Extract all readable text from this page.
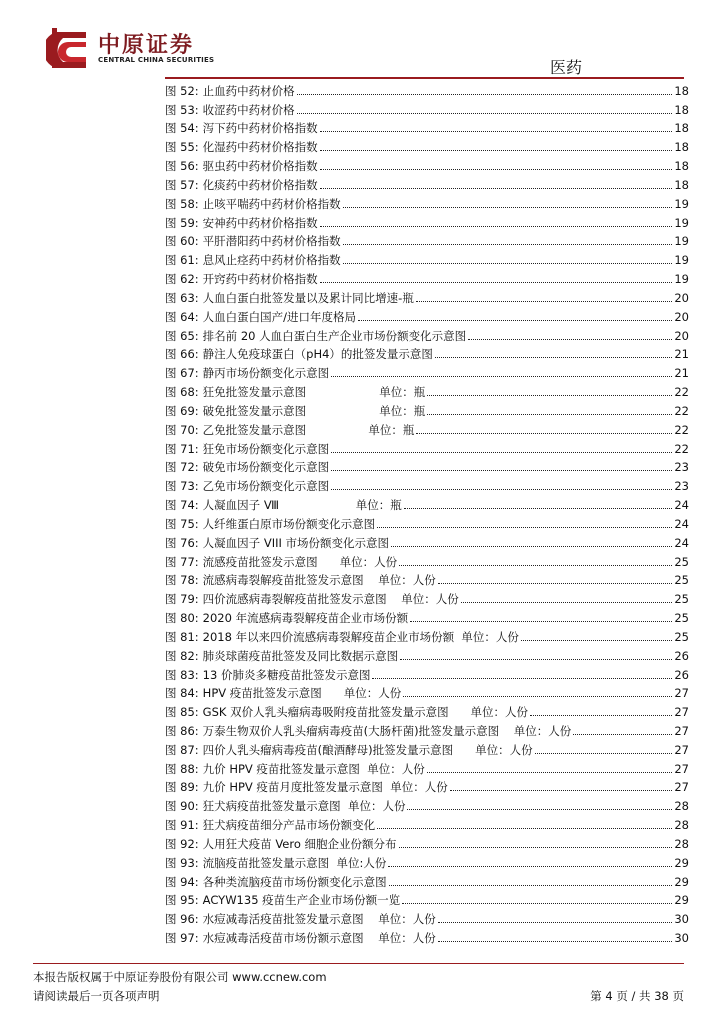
中原证券
CENTRAL CHINA SECURITIES	医药
图 52: 止血药中药材价格	18
图 53: 收涩药中药材价格	18
图 54: 泻下药中药材价格指数	18
图 55: 化湿药中药材价格指数	18
图 56: 驱虫药中药材价格指数	18
图 57: 化痰药中药材价格指数	18
图 58: 止咳平喘药中药材价格指数	19
图 59: 安神药中药材价格指数	19
图 60: 平肝潜阳药中药材价格指数	19
图 61: 息风止痉药中药材价格指数	19
图 62: 开窍药中药材价格指数	19
图 63: 人血白蛋白批签发量以及累计同比增速-瓶	20
图 64: 人血白蛋白国产/进口年度格局	20
图 65: 排名前 20 人血白蛋白生产企业市场份额变化示意图	20
图 66: 静注人免疫球蛋白（pH4）的批签发量示意图	21
图 67: 静丙市场份额变化示意图	21
图 68: 狂免批签发量示意图                    单位：瓶	22
图 69: 破免批签发量示意图                    单位：瓶	22
图 70: 乙免批签发量示意图                 单位：瓶	22
图 71: 狂免市场份额变化示意图	22
图 72: 破免市场份额变化示意图	23
图 73: 乙免市场份额变化示意图	23
图 74: 人凝血因子 Ⅷ                     单位：瓶	24
图 75: 人纤维蛋白原市场份额变化示意图	24
图 76: 人凝血因子 VIII 市场份额变化示意图	24
图 77: 流感疫苗批签发示意图      单位：人份	25
图 78: 流感病毒裂解疫苗批签发示意图    单位：人份	25
图 79: 四价流感病毒裂解疫苗批签发示意图    单位：人份	25
图 80: 2020 年流感病毒裂解疫苗企业市场份额	25
图 81: 2018 年以来四价流感病毒裂解疫苗企业市场份额  单位：人份	25
图 82: 肺炎球菌疫苗批签发及同比数据示意图	26
图 83: 13 价肺炎多糖疫苗批签发示意图	26
图 84: HPV 疫苗批签发示意图      单位：人份	27
图 85: GSK 双价人乳头瘤病毒吸附疫苗批签发量示意图      单位：人份	27
图 86: 万泰生物双价人乳头瘤病毒疫苗(大肠杆菌)批签发量示意图    单位：人份	27
图 87: 四价人乳头瘤病毒疫苗(酿酒酵母)批签发量示意图      单位：人份	27
图 88: 九价 HPV 疫苗批签发量示意图  单位：人份	27
图 89: 九价 HPV 疫苗月度批签发量示意图  单位：人份	27
图 90: 狂犬病疫苗批签发量示意图  单位：人份	28
图 91: 狂犬病疫苗细分产品市场份额变化	28
图 92: 人用狂犬疫苗 Vero 细胞企业份额分布	28
图 93: 流脑疫苗批签发量示意图  单位:人份	29
图 94: 各种类流脑疫苗市场份额变化示意图	29
图 95: ACYW135 疫苗生产企业市场份额一览	29
图 96: 水痘减毒活疫苗批签发量示意图    单位：人份	30
图 97: 水痘减毒活疫苗市场份额示意图    单位：人份	30
本报告版权属于中原证券股份有限公司 www.ccnew.com
请阅读最后一页各项声明	第 4 页 / 共 38 页
